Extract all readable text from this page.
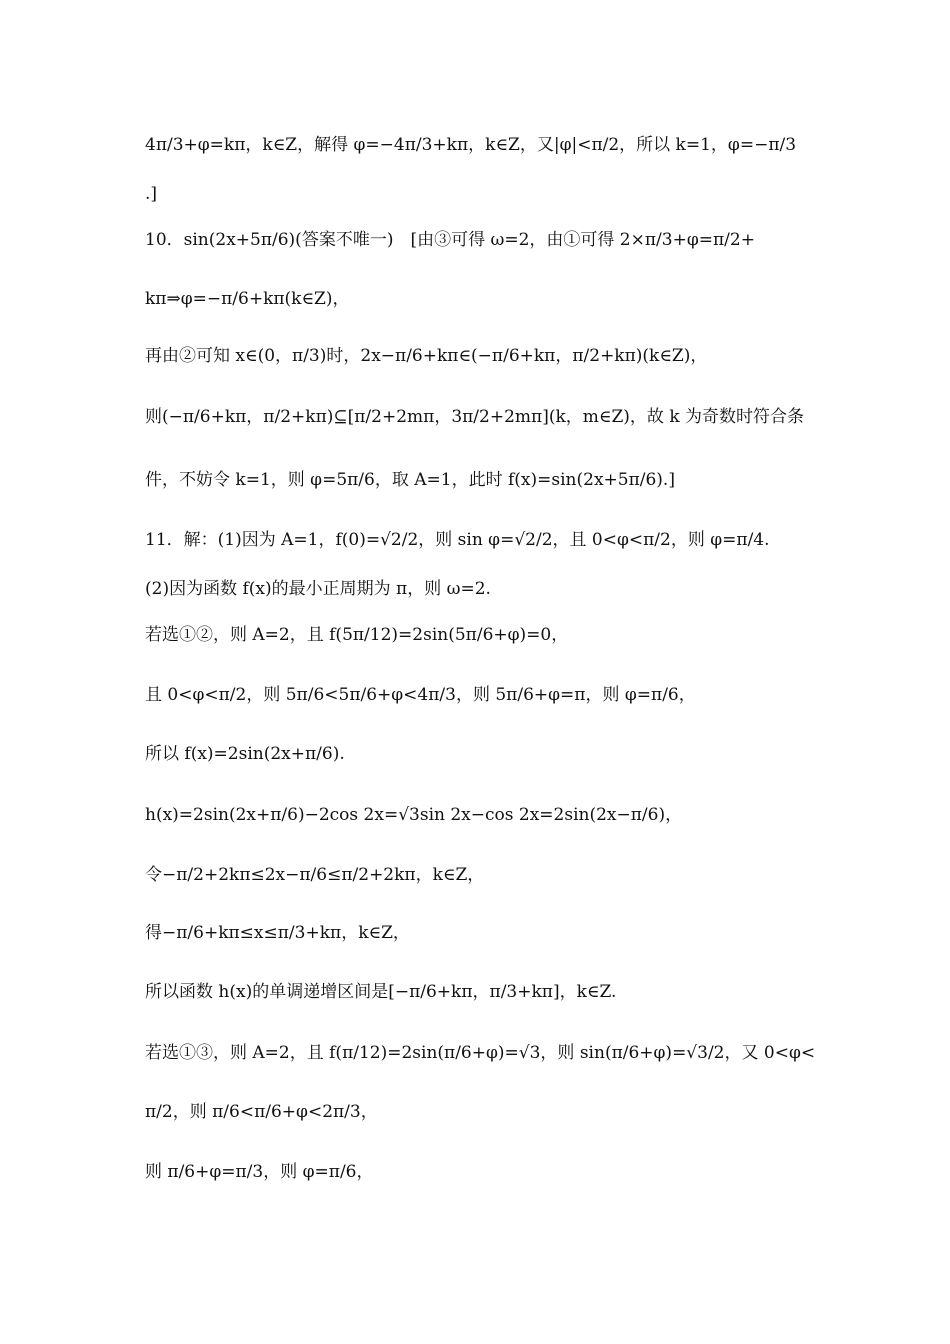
4π/3+φ=kπ，k∈Z，解得 φ=−4π/3+kπ，k∈Z，又|φ|<π/2，所以 k=1，φ=−π/3
.]
10．sin(2x+5π/6)(答案不唯一)　[由③可得 ω=2，由①可得 2×π/3+φ=π/2+
kπ⇒φ=−π/6+kπ(k∈Z)，
再由②可知 x∈(0，π/3)时，2x−π/6+kπ∈(−π/6+kπ，π/2+kπ)(k∈Z)，
则(−π/6+kπ，π/2+kπ)⊆[π/2+2mπ，3π/2+2mπ](k，m∈Z)，故 k 为奇数时符合条
件，不妨令 k=1，则 φ=5π/6，取 A=1，此时 f(x)=sin(2x+5π/6).]
11．解：(1)因为 A=1，f(0)=√2/2，则 sin φ=√2/2，且 0<φ<π/2，则 φ=π/4.
(2)因为函数 f(x)的最小正周期为 π，则 ω=2.
若选①②，则 A=2，且 f(5π/12)=2sin(5π/6+φ)=0，
且 0<φ<π/2，则 5π/6<5π/6+φ<4π/3，则 5π/6+φ=π，则 φ=π/6，
所以 f(x)=2sin(2x+π/6).
h(x)=2sin(2x+π/6)−2cos 2x=√3sin 2x−cos 2x=2sin(2x−π/6)，
令−π/2+2kπ≤2x−π/6≤π/2+2kπ，k∈Z，
得−π/6+kπ≤x≤π/3+kπ，k∈Z，
所以函数 h(x)的单调递增区间是[−π/6+kπ，π/3+kπ]，k∈Z.
若选①③，则 A=2，且 f(π/12)=2sin(π/6+φ)=√3，则 sin(π/6+φ)=√3/2，又 0<φ<
π/2，则 π/6<π/6+φ<2π/3，
则 π/6+φ=π/3，则 φ=π/6，
